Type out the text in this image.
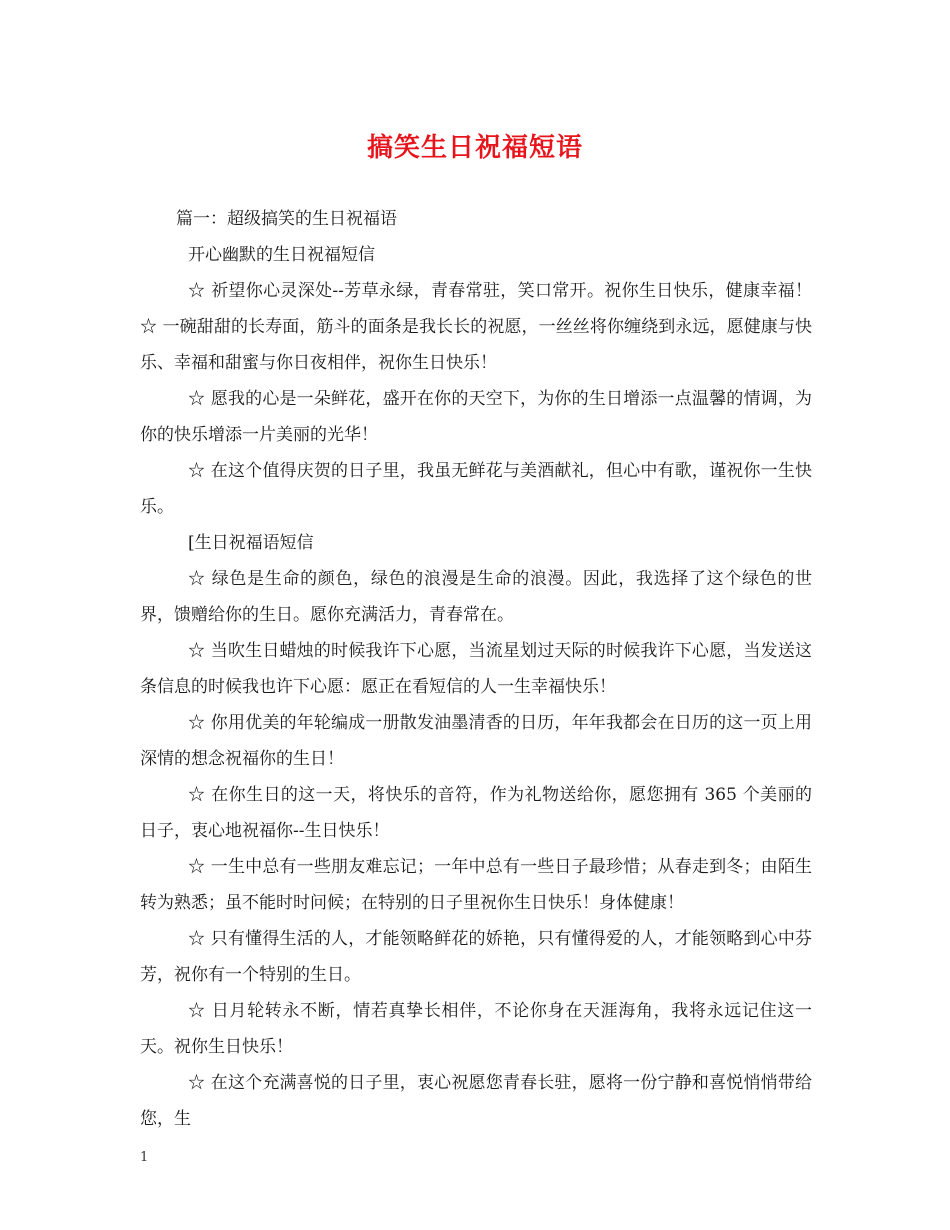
搞笑生日祝福短语

篇一：超级搞笑的生日祝福语

开心幽默的生日祝福短信

☆ 祈望你心灵深处--芳草永绿，青春常驻，笑口常开。祝你生日快乐，健康幸福！ ☆ 一碗甜甜的长寿面，筋斗的面条是我长长的祝愿，一丝丝将你缠绕到永远，愿健康与快乐、幸福和甜蜜与你日夜相伴，祝你生日快乐！

☆ 愿我的心是一朵鲜花，盛开在你的天空下，为你的生日增添一点温馨的情调，为你的快乐增添一片美丽的光华！

☆ 在这个值得庆贺的日子里，我虽无鲜花与美酒献礼，但心中有歌，谨祝你一生快乐。

[生日祝福语短信

☆ 绿色是生命的颜色，绿色的浪漫是生命的浪漫。因此，我选择了这个绿色的世界，馈赠给你的生日。愿你充满活力，青春常在。

☆ 当吹生日蜡烛的时候我许下心愿，当流星划过天际的时候我许下心愿，当发送这条信息的时候我也许下心愿：愿正在看短信的人一生幸福快乐！

☆ 你用优美的年轮编成一册散发油墨清香的日历，年年我都会在日历的这一页上用深情的想念祝福你的生日！

☆ 在你生日的这一天，将快乐的音符，作为礼物送给你，愿您拥有 365 个美丽的日子，衷心地祝福你--生日快乐！

☆ 一生中总有一些朋友难忘记；一年中总有一些日子最珍惜；从春走到冬；由陌生转为熟悉；虽不能时时问候；在特别的日子里祝你生日快乐！身体健康！

☆ 只有懂得生活的人，才能领略鲜花的娇艳，只有懂得爱的人，才能领略到心中芬芳，祝你有一个特别的生日。

☆ 日月轮转永不断，情若真挚长相伴，不论你身在天涯海角，我将永远记住这一天。祝你生日快乐！

☆ 在这个充满喜悦的日子里，衷心祝愿您青春长驻，愿将一份宁静和喜悦悄悄带给您，生

1
